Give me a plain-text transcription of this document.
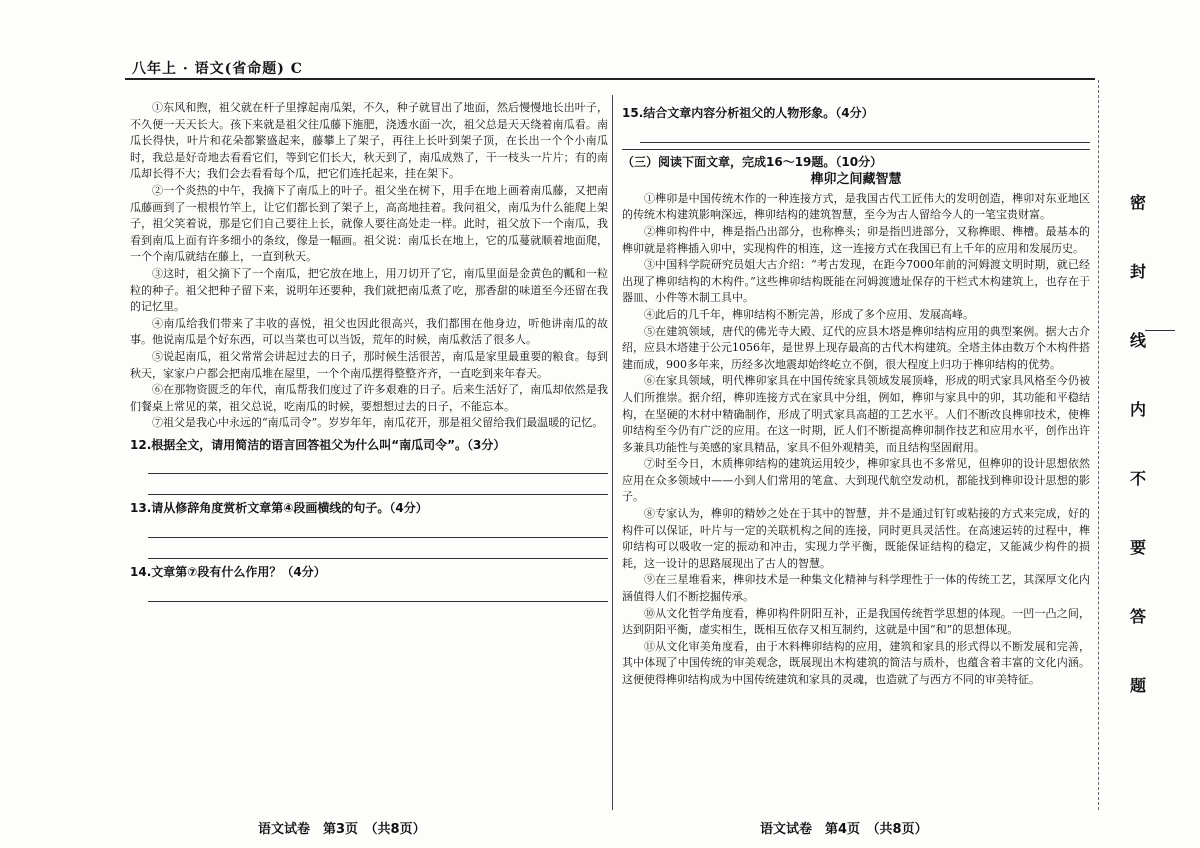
八年上 · 语文(省命题) C

①东风和煦，祖父就在杆子里撑起南瓜架，不久，种子就冒出了地面，然后慢慢地长出叶子，不久便一天天长大。孩下来就是祖父往瓜藤下施肥，浇透水面一次，祖父总是天天绕着南瓜看。南瓜长得快，叶片和花朵都繁盛起来，藤攀上了架子，再往上长叶到架子顶，在长出一个个小南瓜时，我总是好奇地去看看它们，等到它们长大，秋天到了，南瓜成熟了，干一枝头一片片；有的南瓜却长得不大；我们会去看看每个瓜，把它们连托起来，挂在架下。

②一个炎热的中午，我摘下了南瓜上的叶子。祖父坐在树下，用手在地上画着南瓜藤，又把南瓜藤画到了一根根竹竿上，让它们都长到了架子上，高高地挂着。我问祖父，南瓜为什么能爬上架子，祖父笑着说，那是它们自己要往上长，就像人要往高处走一样。此时，祖父放下一个南瓜，我看到南瓜上面有许多细小的条纹，像是一幅画。祖父说：南瓜长在地上，它的瓜蔓就顺着地面爬，一个个南瓜就结在藤上，一直到秋天。

③这时，祖父摘下了一个南瓜，把它放在地上，用刀切开了它，南瓜里面是金黄色的瓤和一粒粒的种子。祖父把种子留下来，说明年还要种，我们就把南瓜煮了吃，那香甜的味道至今还留在我的记忆里。

④南瓜给我们带来了丰收的喜悦，祖父也因此很高兴，我们都围在他身边，听他讲南瓜的故事。他说南瓜是个好东西，可以当菜也可以当饭，荒年的时候，南瓜救活了很多人。

⑤说起南瓜，祖父常常会讲起过去的日子，那时候生活很苦，南瓜是家里最重要的粮食。每到秋天，家家户户都会把南瓜堆在屋里，一个个南瓜摆得整整齐齐，一直吃到来年春天。

⑥在那物资匮乏的年代，南瓜帮我们度过了许多艰难的日子。后来生活好了，南瓜却依然是我们餐桌上常见的菜，祖父总说，吃南瓜的时候，要想想过去的日子，不能忘本。

⑦祖父是我心中永远的“南瓜司令”。岁岁年年，南瓜花开，那是祖父留给我们最温暖的记忆。

12.根据全文，请用简洁的语言回答祖父为什么叫“南瓜司令”。（3分）

13.请从修辞角度赏析文章第④段画横线的句子。（4分）

14.文章第⑦段有什么作用？（4分）

15.结合文章内容分析祖父的人物形象。（4分）

（三）阅读下面文章，完成16～19题。（10分）

榫卯之间藏智慧

①榫卯是中国传统木作的一种连接方式，是我国古代工匠伟大的发明创造，榫卯对东亚地区的传统木构建筑影响深远，榫卯结构的建筑智慧，至今为古人留给今人的一笔宝贵财富。

②榫卯构件中，榫是指凸出部分，也称榫头；卯是指凹进部分，又称榫眼、榫槽。最基本的榫卯就是将榫插入卯中，实现构件的相连，这一连接方式在我国已有上千年的应用和发展历史。

③中国科学院研究员姐大古介绍：“考古发现，在距今7000年前的河姆渡文明时期，就已经出现了榫卯结构的木构件。”这些榫卯结构既能在河姆渡遗址保存的干栏式木构建筑上，也存在于器皿、小件等木制工具中。

④此后的几千年，榫卯结构不断完善，形成了多个应用、发展高峰。

⑤在建筑领域，唐代的佛光寺大殿、辽代的应县木塔是榫卯结构应用的典型案例。据大古介绍，应县木塔建于公元1056年，是世界上现存最高的古代木构建筑。全塔主体由数万个木构件搭建而成，900多年来，历经多次地震却始终屹立不倒，很大程度上归功于榫卯结构的优势。

⑥在家具领域，明代榫卯家具在中国传统家具领域发展顶峰，形成的明式家具风格至今仍被人们所推崇。据介绍，榫卯连接方式在家具中分组，例如，榫卯与家具中的卯，其功能和平稳结构，在坚硬的木材中精确制作，形成了明式家具高超的工艺水平。人们不断改良榫卯技术，使榫卯结构至今仍有广泛的应用。在这一时期，匠人们不断提高榫卯制作技艺和应用水平，创作出许多兼具功能性与美感的家具精品，家具不但外观精美，而且结构坚固耐用。

⑦时至今日，木质榫卯结构的建筑运用较少，榫卯家具也不多常见，但榫卯的设计思想依然应用在众多领域中——小到人们常用的笔盒、大到现代航空发动机，都能找到榫卯设计思想的影子。

⑧专家认为，榫卯的精妙之处在于其中的智慧，并不是通过钉钉或粘接的方式来完成，好的构件可以保证，叶片与一定的关联机构之间的连接，同时更具灵活性。在高速运转的过程中，榫卯结构可以吸收一定的振动和冲击，实现力学平衡，既能保证结构的稳定，又能减少构件的损耗，这一设计的思路展现出了古人的智慧。

⑨在三星堆看来，榫卯技术是一种集文化精神与科学理性于一体的传统工艺，其深厚文化内涵值得人们不断挖掘传承。

⑩从文化哲学角度看，榫卯构件阴阳互补，正是我国传统哲学思想的体现。一凹一凸之间，达到阴阳平衡，虚实相生，既相互依存又相互制约，这就是中国“和”的思想体现。

⑪从文化审美角度看，由于木料榫卯结构的应用，建筑和家具的形式得以不断发展和完善，其中体现了中国传统的审美观念，既展现出木构建筑的简洁与质朴，也蕴含着丰富的文化内涵。这便使得榫卯结构成为中国传统建筑和家具的灵魂，也造就了与西方不同的审美特征。

语文试卷　第3页　（共8页）	语文试卷　第4页　（共8页）
密
封
线
内
不
要
答
题
